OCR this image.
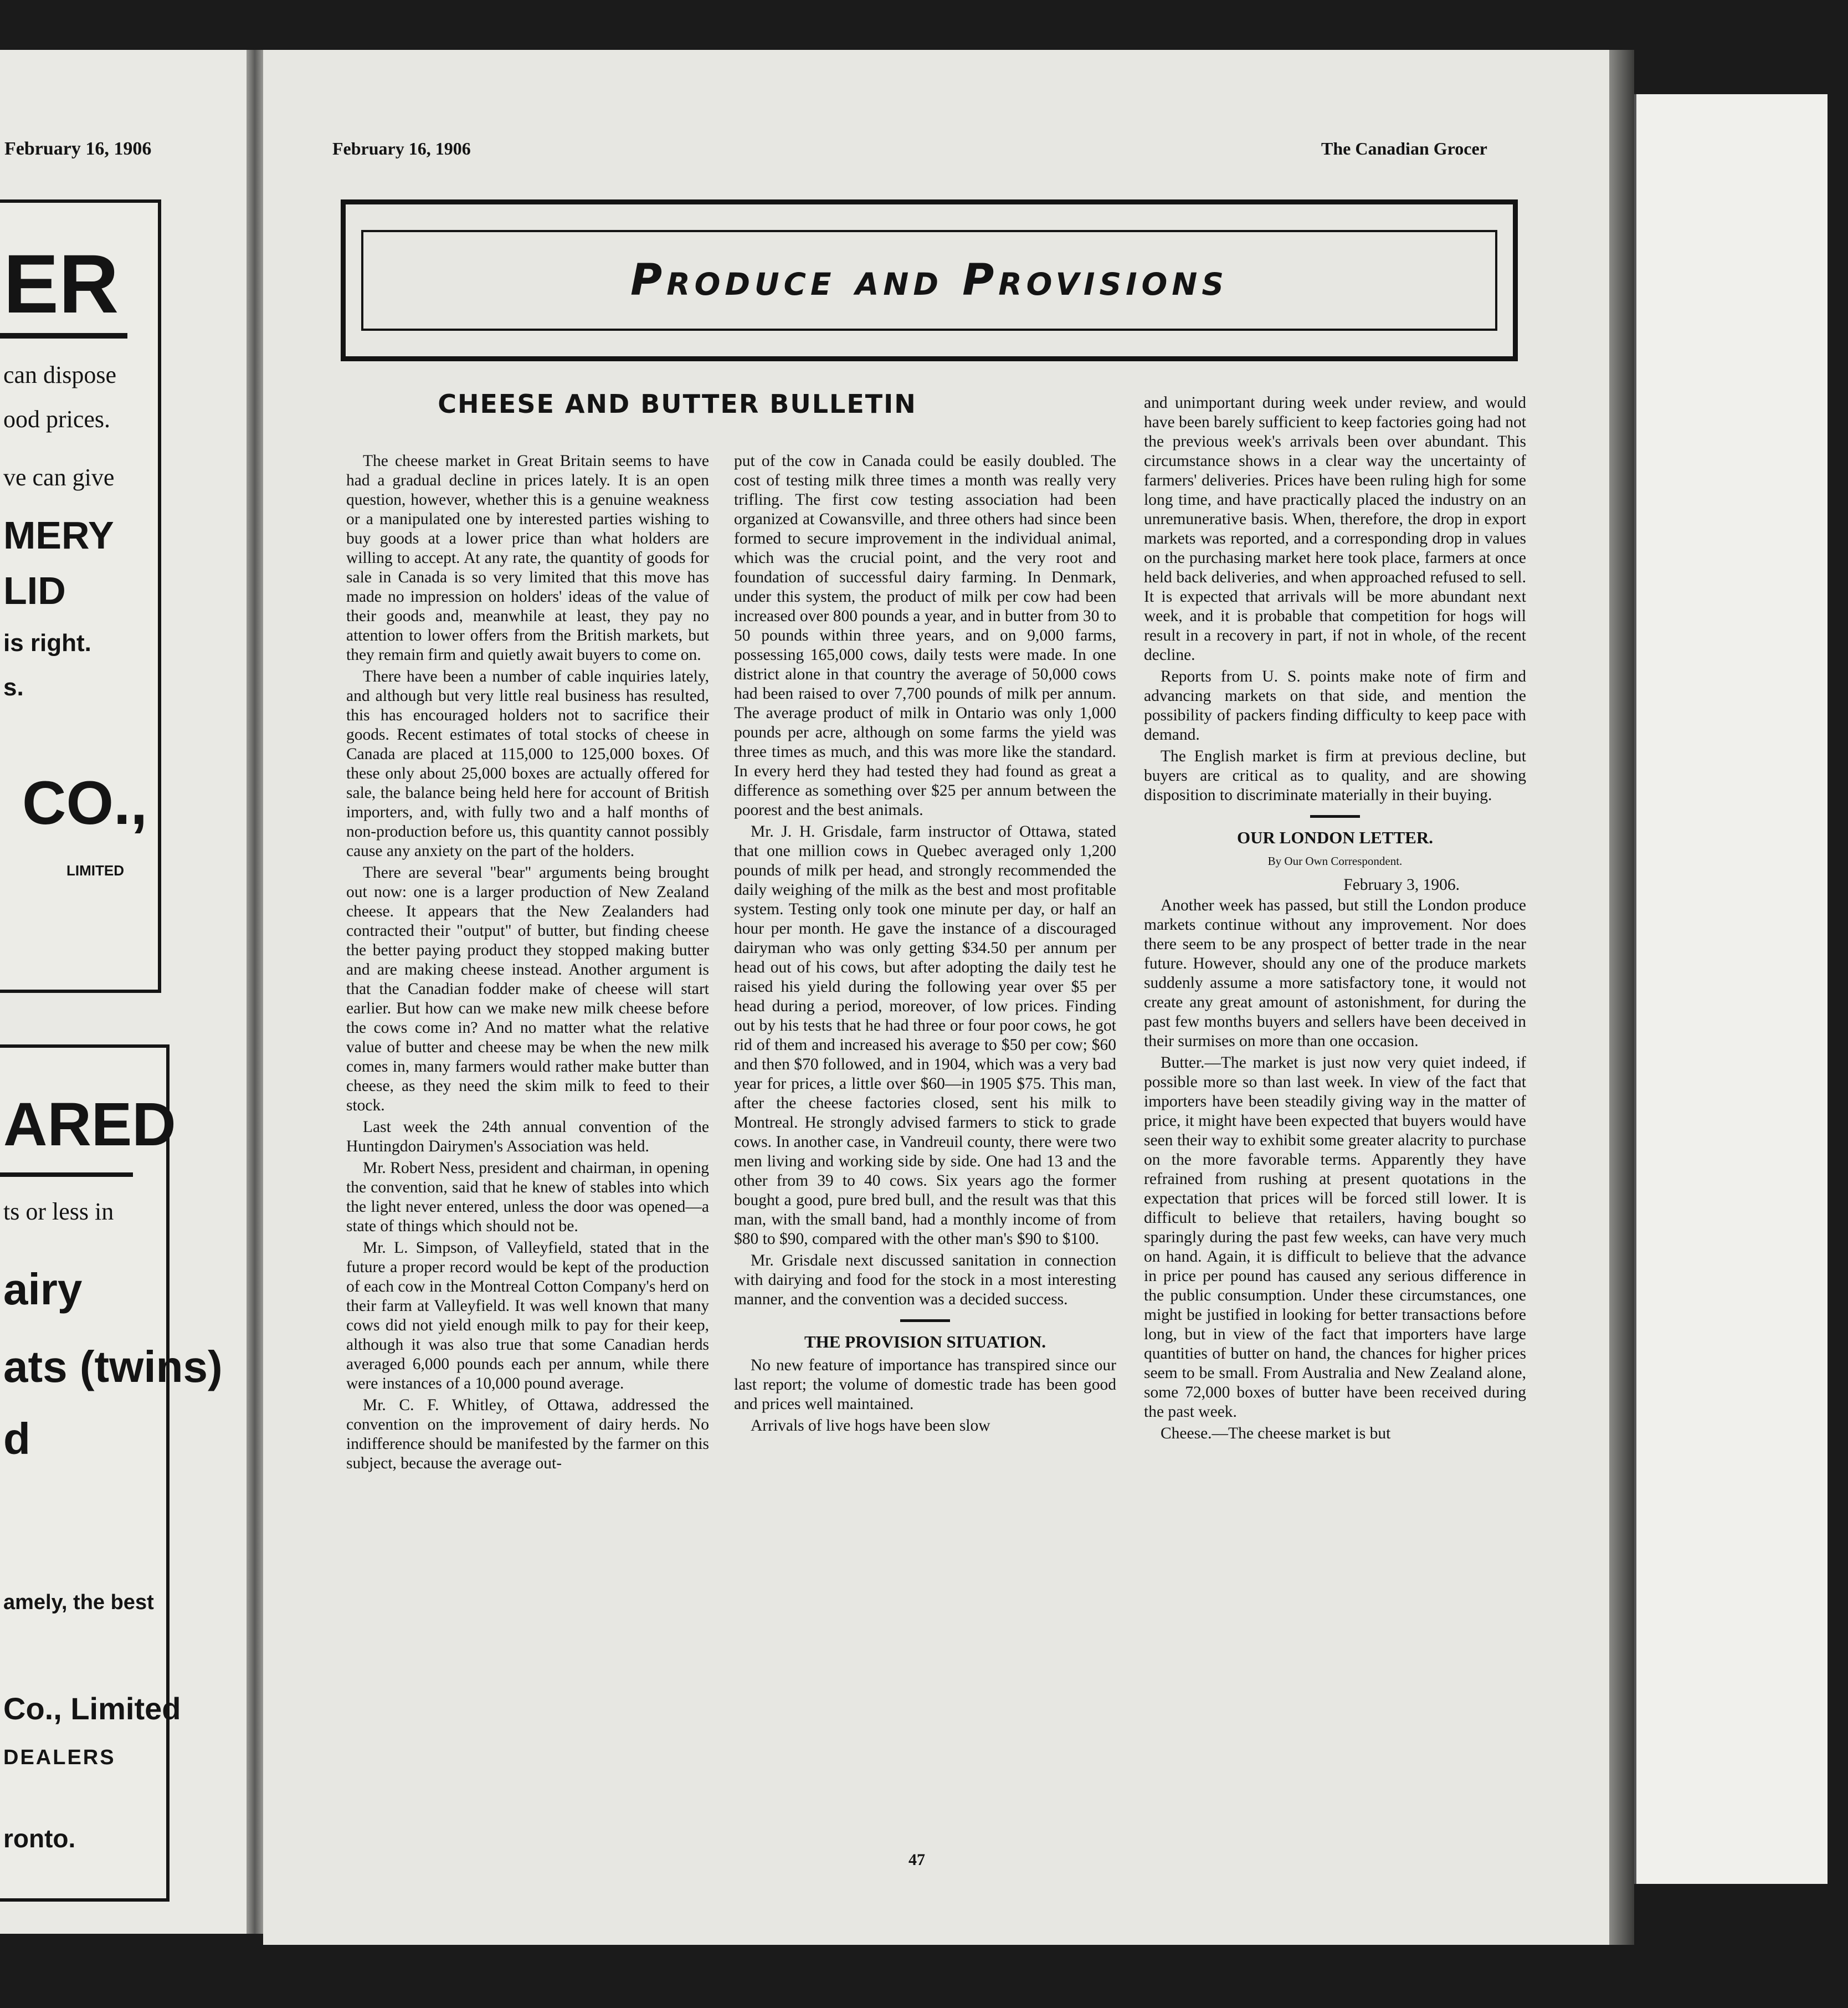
February 16, 1906
ER
can dispose
ood prices.
ve can give
MERY
LID
is right.
s.
CO.,
LIMITED
ARED
ts or less in
airy
ats (twins)
d
amely, the best
Co., Limited
DEALERS
ronto.
February 16, 1906	The Canadian Grocer
Produce and Provisions
CHEESE AND BUTTER BULLETIN

The cheese market in Great Britain seems to have had a gradual decline in prices lately. It is an open question, however, whether this is a genuine weakness or a manipulated one by interested parties wishing to buy goods at a lower price than what holders are willing to accept. At any rate, the quantity of goods for sale in Canada is so very limited that this move has made no impression on holders' ideas of the value of their goods and, meanwhile at least, they pay no attention to lower offers from the British markets, but they remain firm and quietly await buyers to come on.

There have been a number of cable inquiries lately, and although but very little real business has resulted, this has encouraged holders not to sacrifice their goods. Recent estimates of total stocks of cheese in Canada are placed at 115,000 to 125,000 boxes. Of these only about 25,000 boxes are actually offered for sale, the balance being held here for account of British importers, and, with fully two and a half months of non-production before us, this quantity cannot possibly cause any anxiety on the part of the holders.

There are several "bear" arguments being brought out now: one is a larger production of New Zealand cheese. It appears that the New Zealanders had contracted their "output" of butter, but finding cheese the better paying product they stopped making butter and are making cheese instead. Another argument is that the Canadian fodder make of cheese will start earlier. But how can we make new milk cheese before the cows come in? And no matter what the relative value of butter and cheese may be when the new milk comes in, many farmers would rather make butter than cheese, as they need the skim milk to feed to their stock.

Last week the 24th annual convention of the Huntingdon Dairymen's Association was held.

Mr. Robert Ness, president and chairman, in opening the convention, said that he knew of stables into which the light never entered, unless the door was opened—a state of things which should not be.

Mr. L. Simpson, of Valleyfield, stated that in the future a proper record would be kept of the production of each cow in the Montreal Cotton Company's herd on their farm at Valleyfield. It was well known that many cows did not yield enough milk to pay for their keep, although it was also true that some Canadian herds averaged 6,000 pounds each per annum, while there were instances of a 10,000 pound average.

Mr. C. F. Whitley, of Ottawa, addressed the convention on the improvement of dairy herds. No indifference should be manifested by the farmer on this subject, because the average out-

put of the cow in Canada could be easily doubled. The cost of testing milk three times a month was really very trifling. The first cow testing association had been organized at Cowansville, and three others had since been formed to secure improvement in the individual animal, which was the crucial point, and the very root and foundation of successful dairy farming. In Denmark, under this system, the product of milk per cow had been increased over 800 pounds a year, and in butter from 30 to 50 pounds within three years, and on 9,000 farms, possessing 165,000 cows, daily tests were made. In one district alone in that country the average of 50,000 cows had been raised to over 7,700 pounds of milk per annum. The average product of milk in Ontario was only 1,000 pounds per acre, although on some farms the yield was three times as much, and this was more like the standard. In every herd they had tested they had found as great a difference as something over $25 per annum between the poorest and the best animals.

Mr. J. H. Grisdale, farm instructor of Ottawa, stated that one million cows in Quebec averaged only 1,200 pounds of milk per head, and strongly recommended the daily weighing of the milk as the best and most profitable system. Testing only took one minute per day, or half an hour per month. He gave the instance of a discouraged dairyman who was only getting $34.50 per annum per head out of his cows, but after adopting the daily test he raised his yield during the following year over $5 per head during a period, moreover, of low prices. Finding out by his tests that he had three or four poor cows, he got rid of them and increased his average to $50 per cow; $60 and then $70 followed, and in 1904, which was a very bad year for prices, a little over $60—in 1905 $75. This man, after the cheese factories closed, sent his milk to Montreal. He strongly advised farmers to stick to grade cows. In another case, in Vandreuil county, there were two men living and working side by side. One had 13 and the other from 39 to 40 cows. Six years ago the former bought a good, pure bred bull, and the result was that this man, with the small band, had a monthly income of from $80 to $90, compared with the other man's $90 to $100.

Mr. Grisdale next discussed sanitation in connection with dairying and food for the stock in a most interesting manner, and the convention was a decided success.

THE PROVISION SITUATION.

No new feature of importance has transpired since our last report; the volume of domestic trade has been good and prices well maintained.

Arrivals of live hogs have been slow

and unimportant during week under review, and would have been barely sufficient to keep factories going had not the previous week's arrivals been over abundant. This circumstance shows in a clear way the uncertainty of farmers' deliveries. Prices have been ruling high for some long time, and have practically placed the industry on an unremunerative basis. When, therefore, the drop in export markets was reported, and a corresponding drop in values on the purchasing market here took place, farmers at once held back deliveries, and when approached refused to sell. It is expected that arrivals will be more abundant next week, and it is probable that competition for hogs will result in a recovery in part, if not in whole, of the recent decline.

Reports from U. S. points make note of firm and advancing markets on that side, and mention the possibility of packers finding difficulty to keep pace with demand.

The English market is firm at previous decline, but buyers are critical as to quality, and are showing disposition to discriminate materially in their buying.

OUR LONDON LETTER.
By Our Own Correspondent.
February 3, 1906.

Another week has passed, but still the London produce markets continue without any improvement. Nor does there seem to be any prospect of better trade in the near future. However, should any one of the produce markets suddenly assume a more satisfactory tone, it would not create any great amount of astonishment, for during the past few months buyers and sellers have been deceived in their surmises on more than one occasion.

Butter.—The market is just now very quiet indeed, if possible more so than last week. In view of the fact that importers have been steadily giving way in the matter of price, it might have been expected that buyers would have seen their way to exhibit some greater alacrity to purchase on the more favorable terms. Apparently they have refrained from rushing at present quotations in the expectation that prices will be forced still lower. It is difficult to believe that retailers, having bought so sparingly during the past few weeks, can have very much on hand. Again, it is difficult to believe that the advance in price per pound has caused any serious difference in the public consumption. Under these circumstances, one might be justified in looking for better transactions before long, but in view of the fact that importers have large quantities of butter on hand, the chances for higher prices seem to be small. From Australia and New Zealand alone, some 72,000 boxes of butter have been received during the past week.

Cheese.—The cheese market is but

47
